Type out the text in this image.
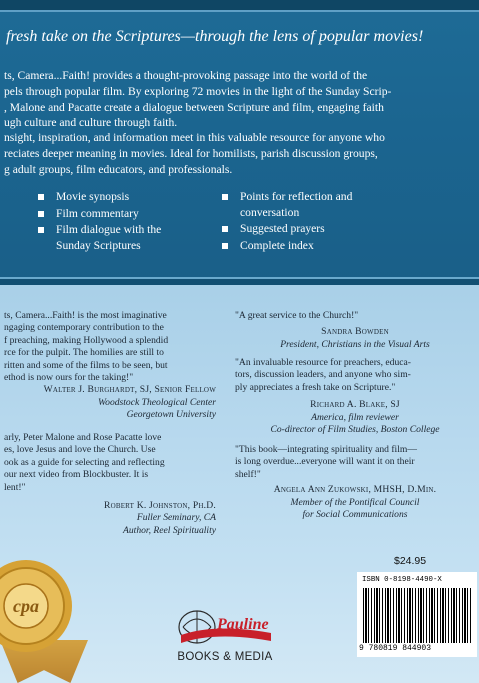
fresh take on the Scriptures—through the lens of popular movies!

ts, Camera...Faith! provides a thought-provoking passage into the world of the

pels through popular film. By exploring 72 movies in the light of the Sunday Scrip-

, Malone and Pacatte create a dialogue between Scripture and film, engaging faith

ugh culture and culture through faith.

nsight, inspiration, and information meet in this valuable resource for anyone who

reciates deeper meaning in movies. Ideal for homilists, parish discussion groups,

g adult groups, film educators, and professionals.

Movie synopsis
Film commentary
Film dialogue with the
Sunday Scriptures
Points for reflection and
conversation
Suggested prayers
Complete index

ts, Camera...Faith! is the most imaginative

ngaging contemporary contribution to the

f preaching, making Hollywood a splendid

rce for the pulpit. The homilies are still to

ritten and some of the films to be seen, but

ethod is now ours for the taking!"

Walter J. Burghardt, SJ, Senior Fellow

Woodstock Theological Center

Georgetown University

arly, Peter Malone and Rose Pacatte love

es, love Jesus and love the Church. Use

ook as a guide for selecting and reflecting

our next video from Blockbuster. It is

lent!"

Robert K. Johnston, Ph.D.

Fuller Seminary, CA

Author, Reel Spirituality

"A great service to the Church!"

Sandra Bowden

President, Christians in the Visual Arts

"An invaluable resource for preachers, educa-

tors, discussion leaders, and anyone who sim-

ply appreciates a fresh take on Scripture."

Richard A. Blake, SJ

America, film reviewer

Co-director of Film Studies, Boston College

"This book—integrating spirituality and film—

is long overdue...everyone will want it on their

shelf!"

Angela Ann Zukowski, MHSH, D.Min.

Member of the Pontifical Council

for Social Communications

cpa
$24.95
ISBN 0-8198-4490-X
9 780819 844903
Pauline
BOOKS & MEDIA
